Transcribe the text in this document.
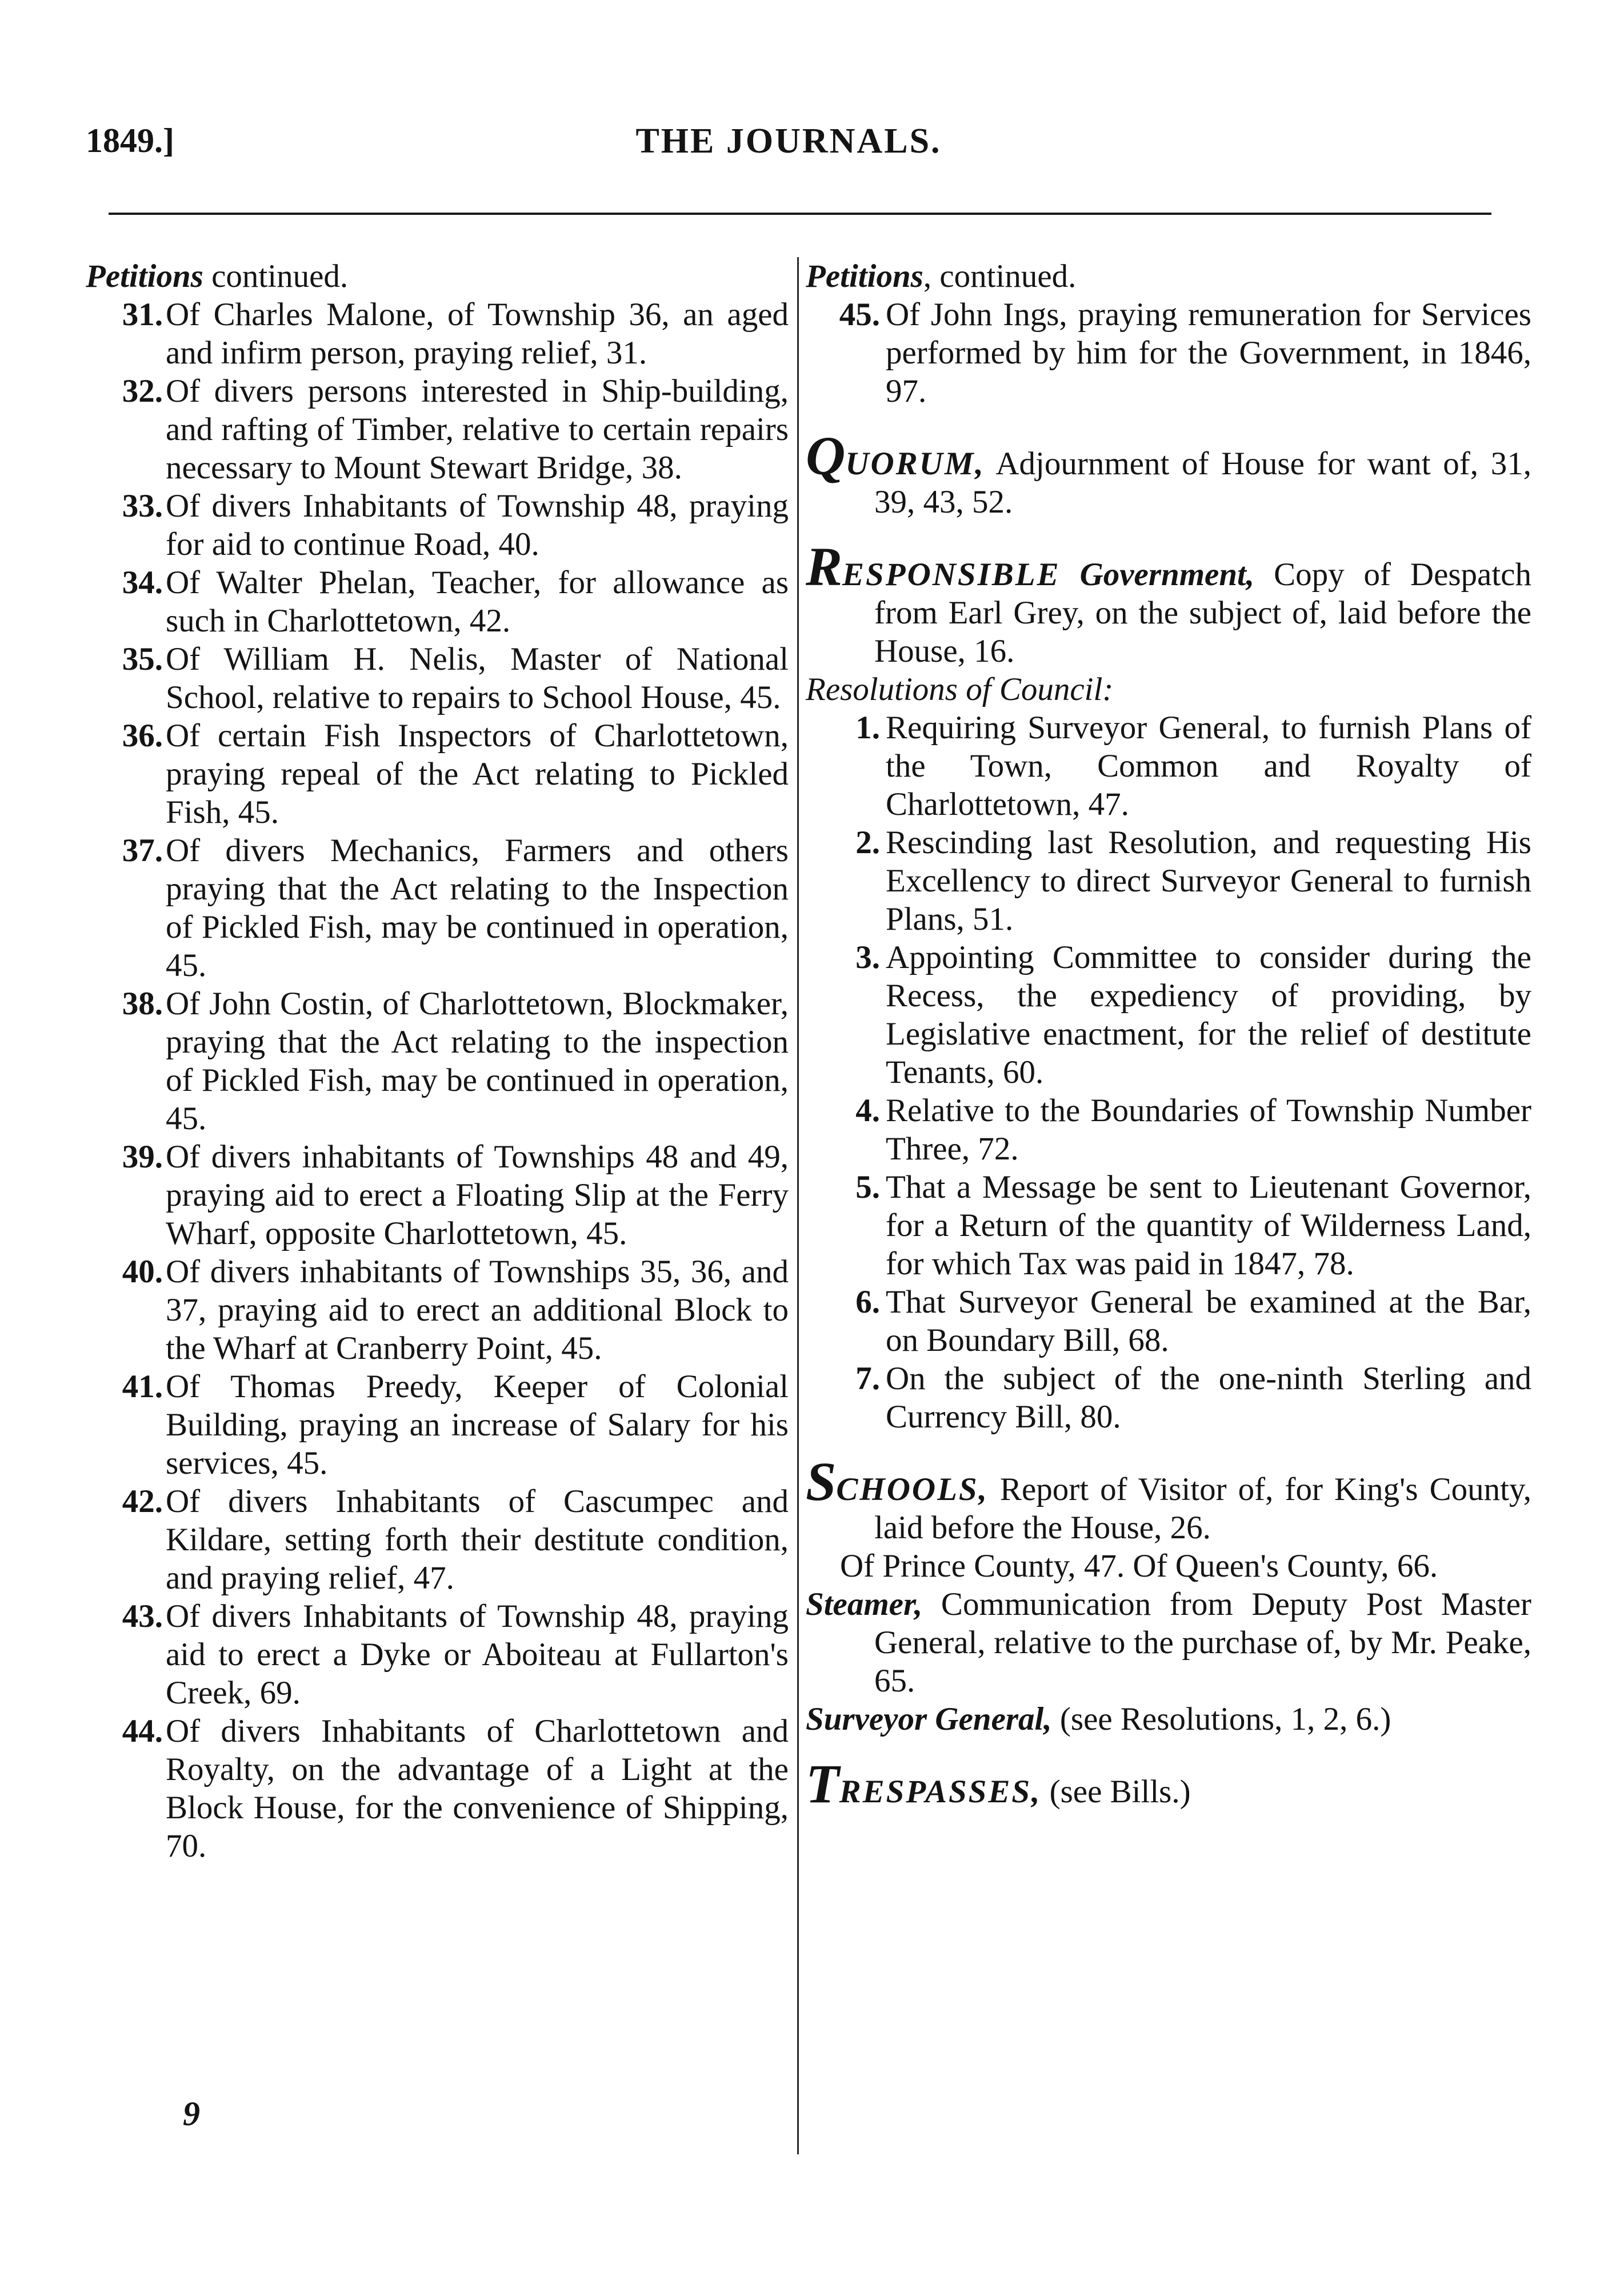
1849.]	THE JOURNALS.

Petitions continued.

31. Of Charles Malone, of Township 36, an aged and infirm person, praying relief, 31.

32. Of divers persons interested in Ship-building, and rafting of Timber, relative to certain repairs necessary to Mount Stewart Bridge, 38.

33. Of divers Inhabitants of Township 48, praying for aid to continue Road, 40.

34. Of Walter Phelan, Teacher, for allowance as such in Charlottetown, 42.

35. Of William H. Nelis, Master of National School, relative to repairs to School House, 45.

36. Of certain Fish Inspectors of Charlottetown, praying repeal of the Act relating to Pickled Fish, 45.

37. Of divers Mechanics, Farmers and others praying that the Act relating to the Inspection of Pickled Fish, may be continued in operation, 45.

38. Of John Costin, of Charlottetown, Blockmaker, praying that the Act relating to the inspection of Pickled Fish, may be continued in operation, 45.

39. Of divers inhabitants of Townships 48 and 49, praying aid to erect a Floating Slip at the Ferry Wharf, opposite Charlottetown, 45.

40. Of divers inhabitants of Townships 35, 36, and 37, praying aid to erect an additional Block to the Wharf at Cranberry Point, 45.

41. Of Thomas Preedy, Keeper of Colonial Building, praying an increase of Salary for his services, 45.

42. Of divers Inhabitants of Cascumpec and Kildare, setting forth their destitute condition, and praying relief, 47.

43. Of divers Inhabitants of Township 48, praying aid to erect a Dyke or Aboiteau at Fullarton's Creek, 69.

44. Of divers Inhabitants of Charlottetown and Royalty, on the advantage of a Light at the Block House, for the convenience of Shipping, 70.

Petitions, continued.

45. Of John Ings, praying remuneration for Services performed by him for the Government, in 1846, 97.

QUORUM, Adjournment of House for want of, 31, 39, 43, 52.

RESPONSIBLE Government, Copy of Despatch from Earl Grey, on the subject of, laid before the House, 16.

Resolutions of Council:

1. Requiring Surveyor General, to furnish Plans of the Town, Common and Royalty of Charlottetown, 47.

2. Rescinding last Resolution, and requesting His Excellency to direct Surveyor General to furnish Plans, 51.

3. Appointing Committee to consider during the Recess, the expediency of providing, by Legislative enactment, for the relief of destitute Tenants, 60.

4. Relative to the Boundaries of Township Number Three, 72.

5. That a Message be sent to Lieutenant Governor, for a Return of the quantity of Wilderness Land, for which Tax was paid in 1847, 78.

6. That Surveyor General be examined at the Bar, on Boundary Bill, 68.

7. On the subject of the one-ninth Sterling and Currency Bill, 80.

SCHOOLS, Report of Visitor of, for King's County, laid before the House, 26.

Of Prince County, 47. Of Queen's County, 66.

Steamer, Communication from Deputy Post Master General, relative to the purchase of, by Mr. Peake, 65.

Surveyor General, (see Resolutions, 1, 2, 6.)

TRESPASSES, (see Bills.)

9
